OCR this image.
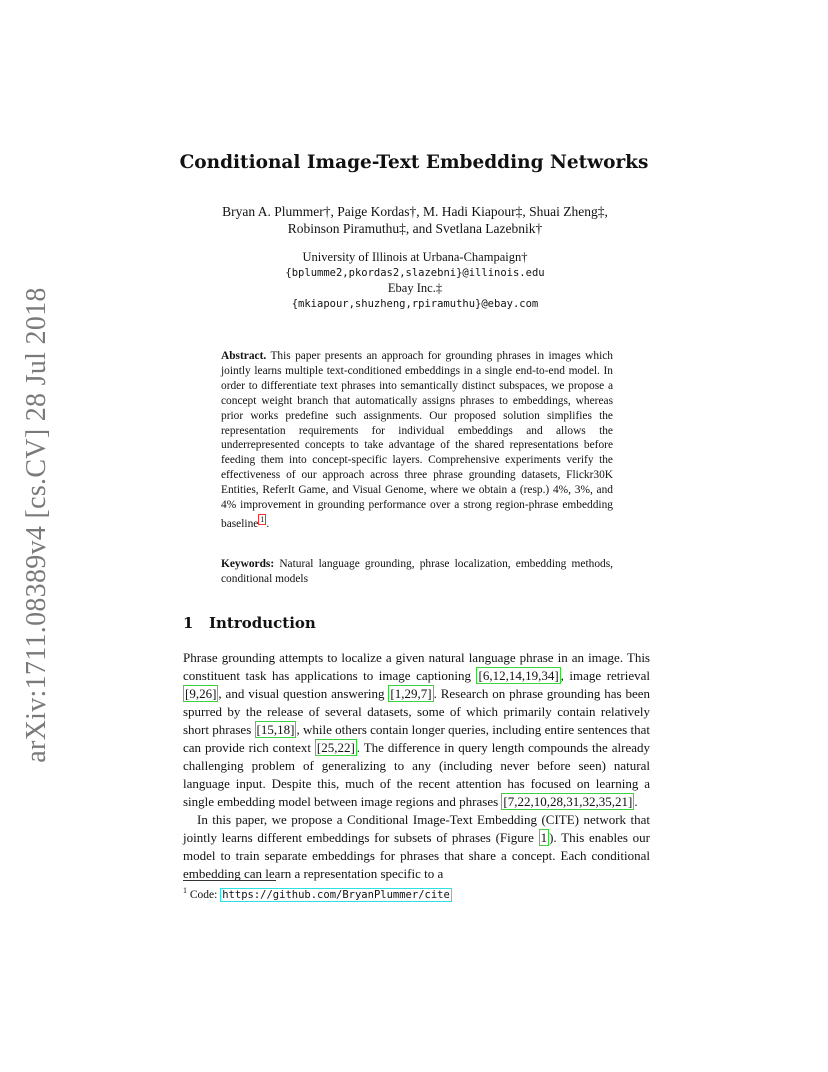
arXiv:1711.08389v4 [cs.CV] 28 Jul 2018
Conditional Image-Text Embedding Networks
Bryan A. Plummer†, Paige Kordas†, M. Hadi Kiapour‡, Shuai Zheng‡,
Robinson Piramuthu‡, and Svetlana Lazebnik†
University of Illinois at Urbana-Champaign†
{bplumme2,pkordas2,slazebni}@illinois.edu
Ebay Inc.‡
{mkiapour,shuzheng,rpiramuthu}@ebay.com
Abstract. This paper presents an approach for grounding phrases in images which jointly learns multiple text-conditioned embeddings in a single end-to-end model. In order to differentiate text phrases into semantically distinct subspaces, we propose a concept weight branch that automatically assigns phrases to embeddings, whereas prior works predefine such assignments. Our proposed solution simplifies the representation requirements for individual embeddings and allows the underrepresented concepts to take advantage of the shared representations before feeding them into concept-specific layers. Comprehensive experiments verify the effectiveness of our approach across three phrase grounding datasets, Flickr30K Entities, ReferIt Game, and Visual Genome, where we obtain a (resp.) 4%, 3%, and 4% improvement in grounding performance over a strong region-phrase embedding baseline $^1$ .
Keywords: Natural language grounding, phrase localization, embedding methods, conditional models
1 Introduction

Phrase grounding attempts to localize a given natural language phrase in an image. This constituent task has applications to image captioning [6,12,14,19,34] , image retrieval [9,26] , and visual question answering [1,29,7] . Research on phrase grounding has been spurred by the release of several datasets, some of which primarily contain relatively short phrases [15,18] , while others contain longer queries, including entire sentences that can provide rich context [25,22] . The difference in query length compounds the already challenging problem of generalizing to any (including never before seen) natural language input. Despite this, much of the recent attention has focused on learning a single embedding model between image regions and phrases [7,22,10,28,31,32,35,21] .

In this paper, we propose a Conditional Image-Text Embedding (CITE) network that jointly learns different embeddings for subsets of phrases (Figure 1 ). This enables our model to train separate embeddings for phrases that share a concept. Each conditional embedding can learn a representation specific to a

$^1$ Code: https://github.com/BryanPlummer/cite
